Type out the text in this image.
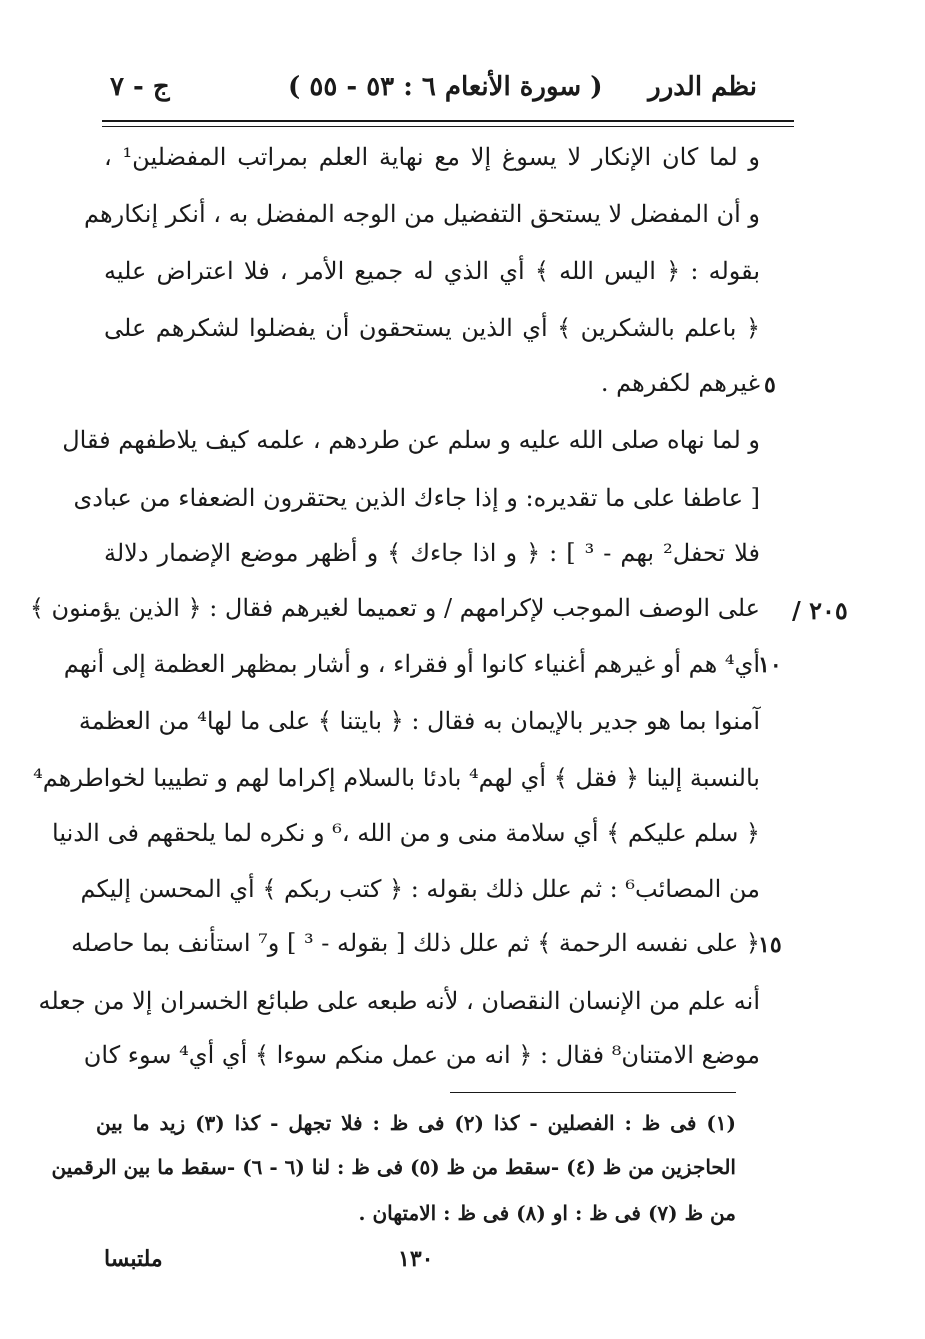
نظم الدرر
( سورة الأنعام ٦ : ٥٣ - ٥٥ )
ج - ٧
و لما كان الإنكار لا يسوغ إلا مع نهاية العلم بمراتب المفضلين¹ ،
و أن المفضل لا يستحق التفضيل من الوجه المفضل به ، أنكر إنكارهم
بقوله : ﴿ اليس الله ﴾ أي الذي له جميع الأمر ، فلا اعتراض عليه
﴿ باعلم بالشكرين ﴾ أي الذين يستحقون أن يفضلوا لشكرهم على
غيرهم لكفرهم .
و لما نهاه صلى الله عليه و سلم عن طردهم ، علمه كيف يلاطفهم فقال
[ عاطفا على ما تقديره: و إذا جاءك الذين يحتقرون الضعفاء من عبادى
فلا تحفل² بهم - ³ ] : ﴿ و اذا جاءك ﴾ و أظهر موضع الإضمار دلالة
على الوصف الموجب لإكرامهم / و تعميما لغيرهم فقال : ﴿ الذين يؤمنون ﴾
أي⁴ هم أو غيرهم أغنياء كانوا أو فقراء ، و أشار بمظهر العظمة إلى أنهم
آمنوا بما هو جدير بالإيمان به فقال : ﴿ بايتنا ﴾ على ما لها⁴ من العظمة
بالنسبة إلينا ﴿ فقل ﴾ أي لهم⁴ بادئا بالسلام إكراما لهم و تطييبا لخواطرهم⁴
﴿ سلم عليكم ﴾ أي سلامة منى و من الله ،⁶ و نكره لما يلحقهم فى الدنيا
من المصائب⁶ : ثم علل ذلك بقوله : ﴿ كتب ربكم ﴾ أي المحسن إليكم
﴿ على نفسه الرحمة ﴾ ثم علل ذلك [ بقوله - ³ ] و⁷ استأنف بما حاصله
أنه علم من الإنسان النقصان ، لأنه طبعه على طبائع الخسران إلا من جعله
موضع الامتنان⁸ فقال : ﴿ انه من عمل منكم سوءا ﴾ أي أي⁴ سوء كان
٥
١٠
١٥
٢٠٥ /
(١) فى ظ : الفصلين - كذا (٢) فى ظ : فلا تجهل - كذا (٣) زيد ما بين
الحاجزين من ظ (٤) -سقط من ظ (٥) فى ظ : لنا (٦ - ٦) -سقط ما بين الرقمين
من ظ (٧) فى ظ : او (٨) فى ظ : الامتهان .
١٣٠
ملتبسا
